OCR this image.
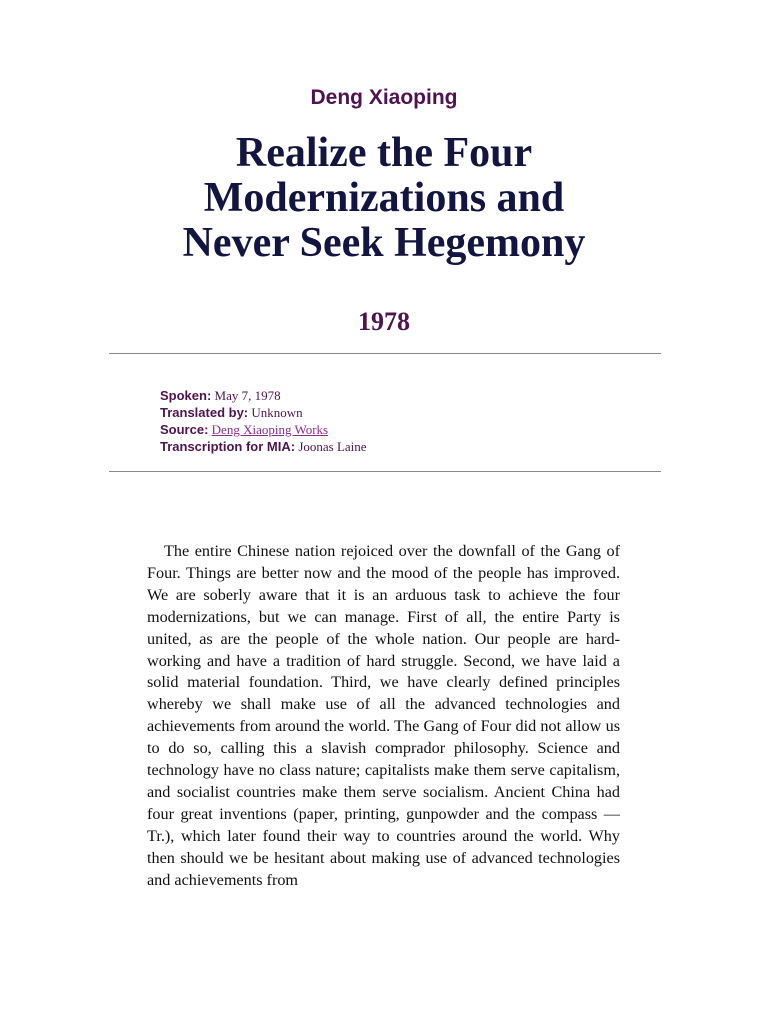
Deng Xiaoping
Realize the Four
Modernizations and
Never Seek Hegemony
1978
Spoken: May 7, 1978
Translated by: Unknown
Source: Deng Xiaoping Works
Transcription for MIA: Joonas Laine

The entire Chinese nation rejoiced over the downfall of the Gang of Four. Things are better now and the mood of the people has improved. We are soberly aware that it is an arduous task to achieve the four modernizations, but we can manage. First of all, the entire Party is united, as are the people of the whole nation. Our people are hard-working and have a tradition of hard struggle. Second, we have laid a solid material foundation. Third, we have clearly defined principles whereby we shall make use of all the advanced technologies and achievements from around the world. The Gang of Four did not allow us to do so, calling this a slavish comprador philosophy. Science and technology have no class nature; capitalists make them serve capitalism, and socialist countries make them serve socialism. Ancient China had four great inventions (paper, printing, gunpowder and the compass — Tr.), which later found their way to countries around the world. Why then should we be hesitant about making use of advanced technologies and achievements from
